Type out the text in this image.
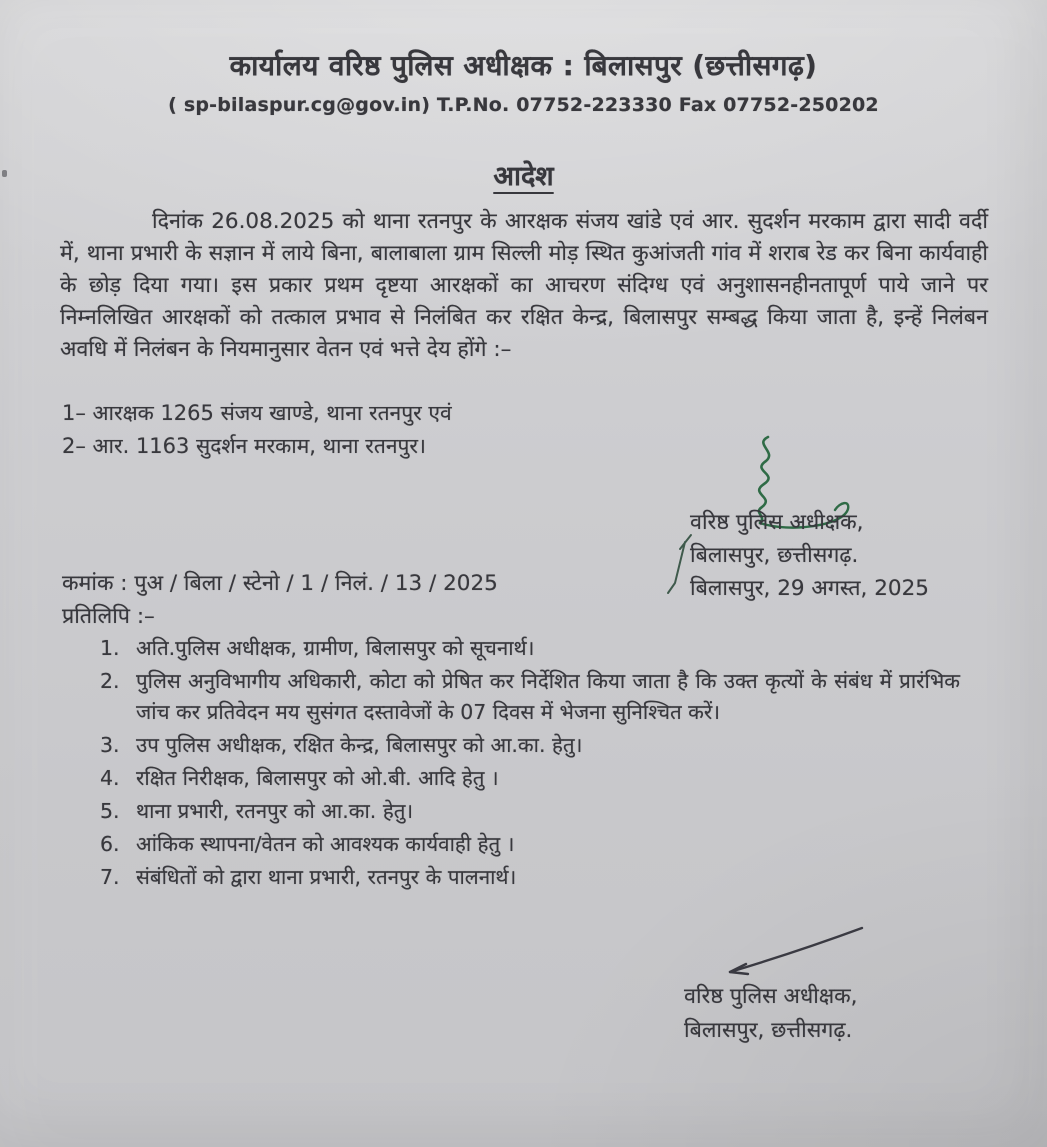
कार्यालय वरिष्ठ पुलिस अधीक्षक : बिलासपुर (छत्तीसगढ़)
( sp-bilaspur.cg@gov.in) T.P.No. 07752-223330 Fax 07752-250202
आदेश

दिनांक 26.08.2025 को थाना रतनपुर के आरक्षक संजय खांडे एवं आर. सुदर्शन मरकाम द्वारा सादी वर्दी में, थाना प्रभारी के सज्ञान में लाये बिना, बालाबाला ग्राम सिल्ली मोड़ स्थित कुआंजती गांव में शराब रेड कर बिना कार्यवाही के छोड़ दिया गया। इस प्रकार प्रथम दृष्टया आरक्षकों का आचरण संदिग्ध एवं अनुशासनहीनतापूर्ण पाये जाने पर निम्नलिखित आरक्षकों को तत्काल प्रभाव से निलंबित कर रक्षित केन्द्र, बिलासपुर सम्बद्ध किया जाता है, इन्हें निलंबन अवधि में निलंबन के नियमानुसार वेतन एवं भत्ते देय होंगे :–

1– आरक्षक 1265 संजय खाण्डे, थाना रतनपुर एवं
2– आर. 1163 सुदर्शन मरकाम, थाना रतनपुर।
वरिष्ठ पुलिस अधीक्षक,
बिलासपुर, छत्तीसगढ़.
बिलासपुर, 29 अगस्त, 2025
कमांक : पुअ / बिला / स्टेनो / 1 / निलं. / 13 / 2025
प्रतिलिपि :–
1. अति.पुलिस अधीक्षक, ग्रामीण, बिलासपुर को सूचनार्थ।
2. पुलिस अनुविभागीय अधिकारी, कोटा को प्रेषित कर निर्देशित किया जाता है कि उक्त कृत्यों के संबंध में प्रारंभिक जांच कर प्रतिवेदन मय सुसंगत दस्तावेजों के 07 दिवस में भेजना सुनिश्चित करें।
3. उप पुलिस अधीक्षक, रक्षित केन्द्र, बिलासपुर को आ.का. हेतु।
4. रक्षित निरीक्षक, बिलासपुर को ओ.बी. आदि हेतु ।
5. थाना प्रभारी, रतनपुर को आ.का. हेतु।
6. आंकिक स्थापना/वेतन को आवश्यक कार्यवाही हेतु ।
7. संबंधितों को द्वारा थाना प्रभारी, रतनपुर के पालनार्थ।
वरिष्ठ पुलिस अधीक्षक,
बिलासपुर, छत्तीसगढ़.
